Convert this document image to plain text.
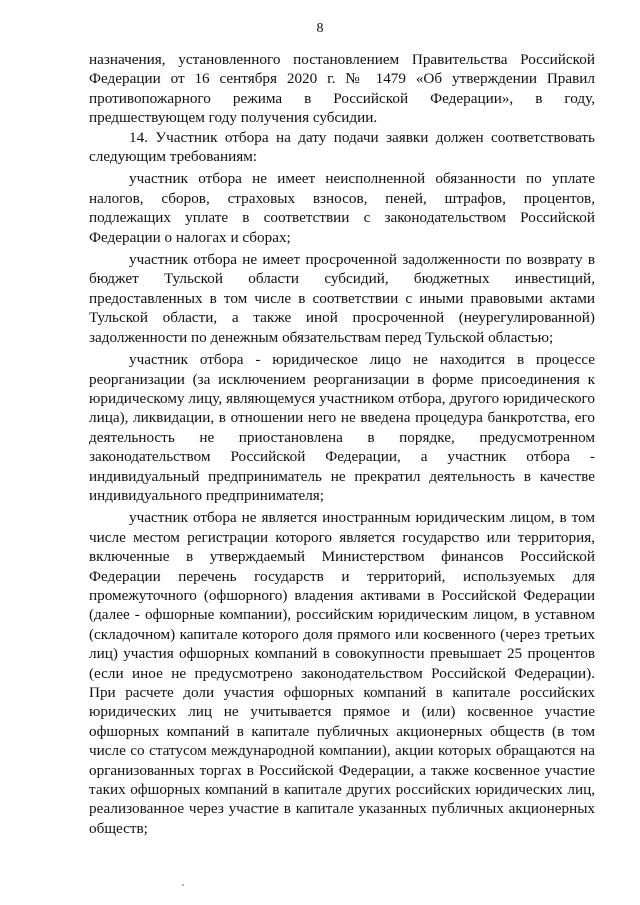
8

назначения, установленного постановлением Правительства Российской Федерации от 16 сентября 2020 г. № 1479 «Об утверждении Правил противопожарного режима в Российской Федерации», в году, предшествующем году получения субсидии.

14. Участник отбора на дату подачи заявки должен соответствовать следующим требованиям:

участник отбора не имеет неисполненной обязанности по уплате налогов, сборов, страховых взносов, пеней, штрафов, процентов, подлежащих уплате в соответствии с законодательством Российской Федерации о налогах и сборах;

участник отбора не имеет просроченной задолженности по возврату в бюджет Тульской области субсидий, бюджетных инвестиций, предоставленных в том числе в соответствии с иными правовыми актами Тульской области, а также иной просроченной (неурегулированной) задолженности по денежным обязательствам перед Тульской областью;

участник отбора - юридическое лицо не находится в процессе реорганизации (за исключением реорганизации в форме присоединения к юридическому лицу, являющемуся участником отбора, другого юридического лица), ликвидации, в отношении него не введена процедура банкротства, его деятельность не приостановлена в порядке, предусмотренном законодательством Российской Федерации, а участник отбора - индивидуальный предприниматель не прекратил деятельность в качестве индивидуального предпринимателя;

участник отбора не является иностранным юридическим лицом, в том числе местом регистрации которого является государство или территория, включенные в утверждаемый Министерством финансов Российской Федерации перечень государств и территорий, используемых для промежуточного (офшорного) владения активами в Российской Федерации (далее - офшорные компании), российским юридическим лицом, в уставном (складочном) капитале которого доля прямого или косвенного (через третьих лиц) участия офшорных компаний в совокупности превышает 25 процентов (если иное не предусмотрено законодательством Российской Федерации). При расчете доли участия офшорных компаний в капитале российских юридических лиц не учитывается прямое и (или) косвенное участие офшорных компаний в капитале публичных акционерных обществ (в том числе со статусом международной компании), акции которых обращаются на организованных торгах в Российской Федерации, а также косвенное участие таких офшорных компаний в капитале других российских юридических лиц, реализованное через участие в капитале указанных публичных акционерных обществ;
